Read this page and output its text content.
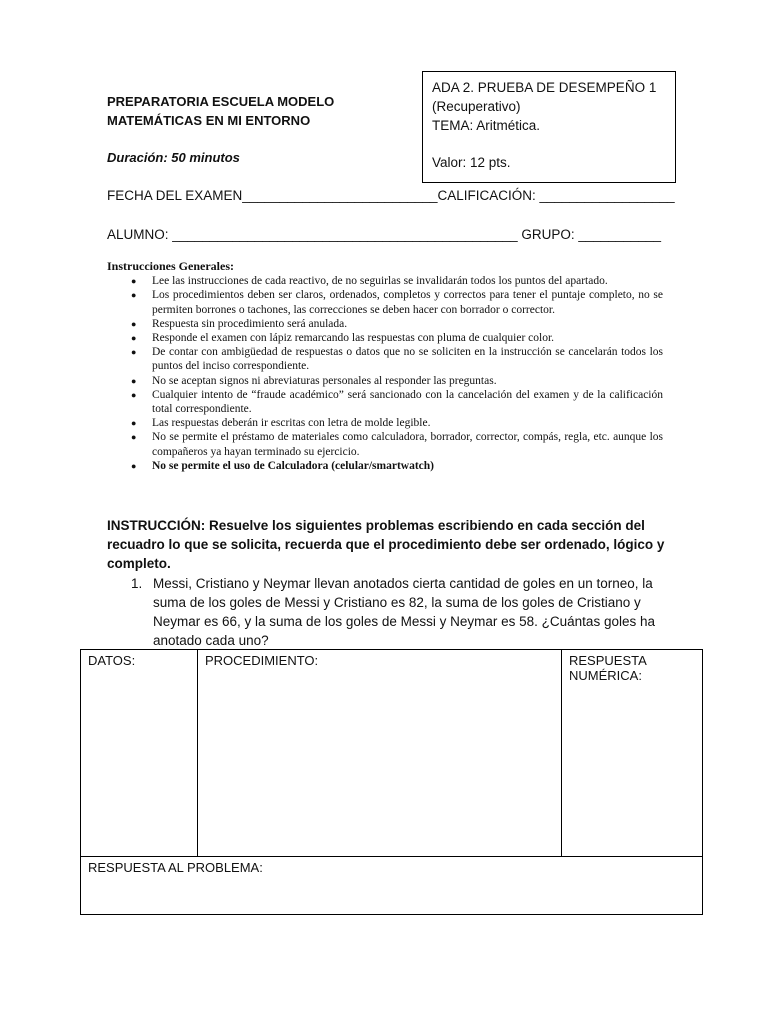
PREPARATORIA ESCUELA MODELO
MATEMÁTICAS EN MI ENTORNO
Duración: 50 minutos
ADA 2. PRUEBA DE DESEMPEÑO 1
(Recuperativo)
TEMA: Aritmética.
Valor: 12 pts.
FECHA DEL EXAMEN__________________________CALIFICACIÓN: __________________
ALUMNO: ______________________________________________ GRUPO: ___________
Instrucciones Generales:
● Lee las instrucciones de cada reactivo, de no seguirlas se invalidarán todos los puntos del apartado.
● Los procedimientos deben ser claros, ordenados, completos y correctos para tener el puntaje completo, no se permiten borrones o tachones, las correcciones se deben hacer con borrador o corrector.
● Respuesta sin procedimiento será anulada.
● Responde el examen con lápiz remarcando las respuestas con pluma de cualquier color.
● De contar con ambigüedad de respuestas o datos que no se soliciten en la instrucción se cancelarán todos los puntos del inciso correspondiente.
● No se aceptan signos ni abreviaturas personales al responder las preguntas.
● Cualquier intento de “fraude académico” será sancionado con la cancelación del examen y de la calificación total correspondiente.
● Las respuestas deberán ir escritas con letra de molde legible.
● No se permite el préstamo de materiales como calculadora, borrador, corrector, compás, regla, etc. aunque los compañeros ya hayan terminado su ejercicio.
● No se permite el uso de Calculadora (celular/smartwatch)
INSTRUCCIÓN: Resuelve los siguientes problemas escribiendo en cada sección del recuadro lo que se solicita, recuerda que el procedimiento debe ser ordenado, lógico y completo.
1. Messi, Cristiano y Neymar llevan anotados cierta cantidad de goles en un torneo, la suma de los goles de Messi y Cristiano es 82, la suma de los goles de Cristiano y Neymar es 66, y la suma de los goles de Messi y Neymar es 58. ¿Cuántas goles ha anotado cada uno?
DATOS:	PROCEDIMIENTO:	RESPUESTA NUMÉRICA:

RESPUESTA AL PROBLEMA:
